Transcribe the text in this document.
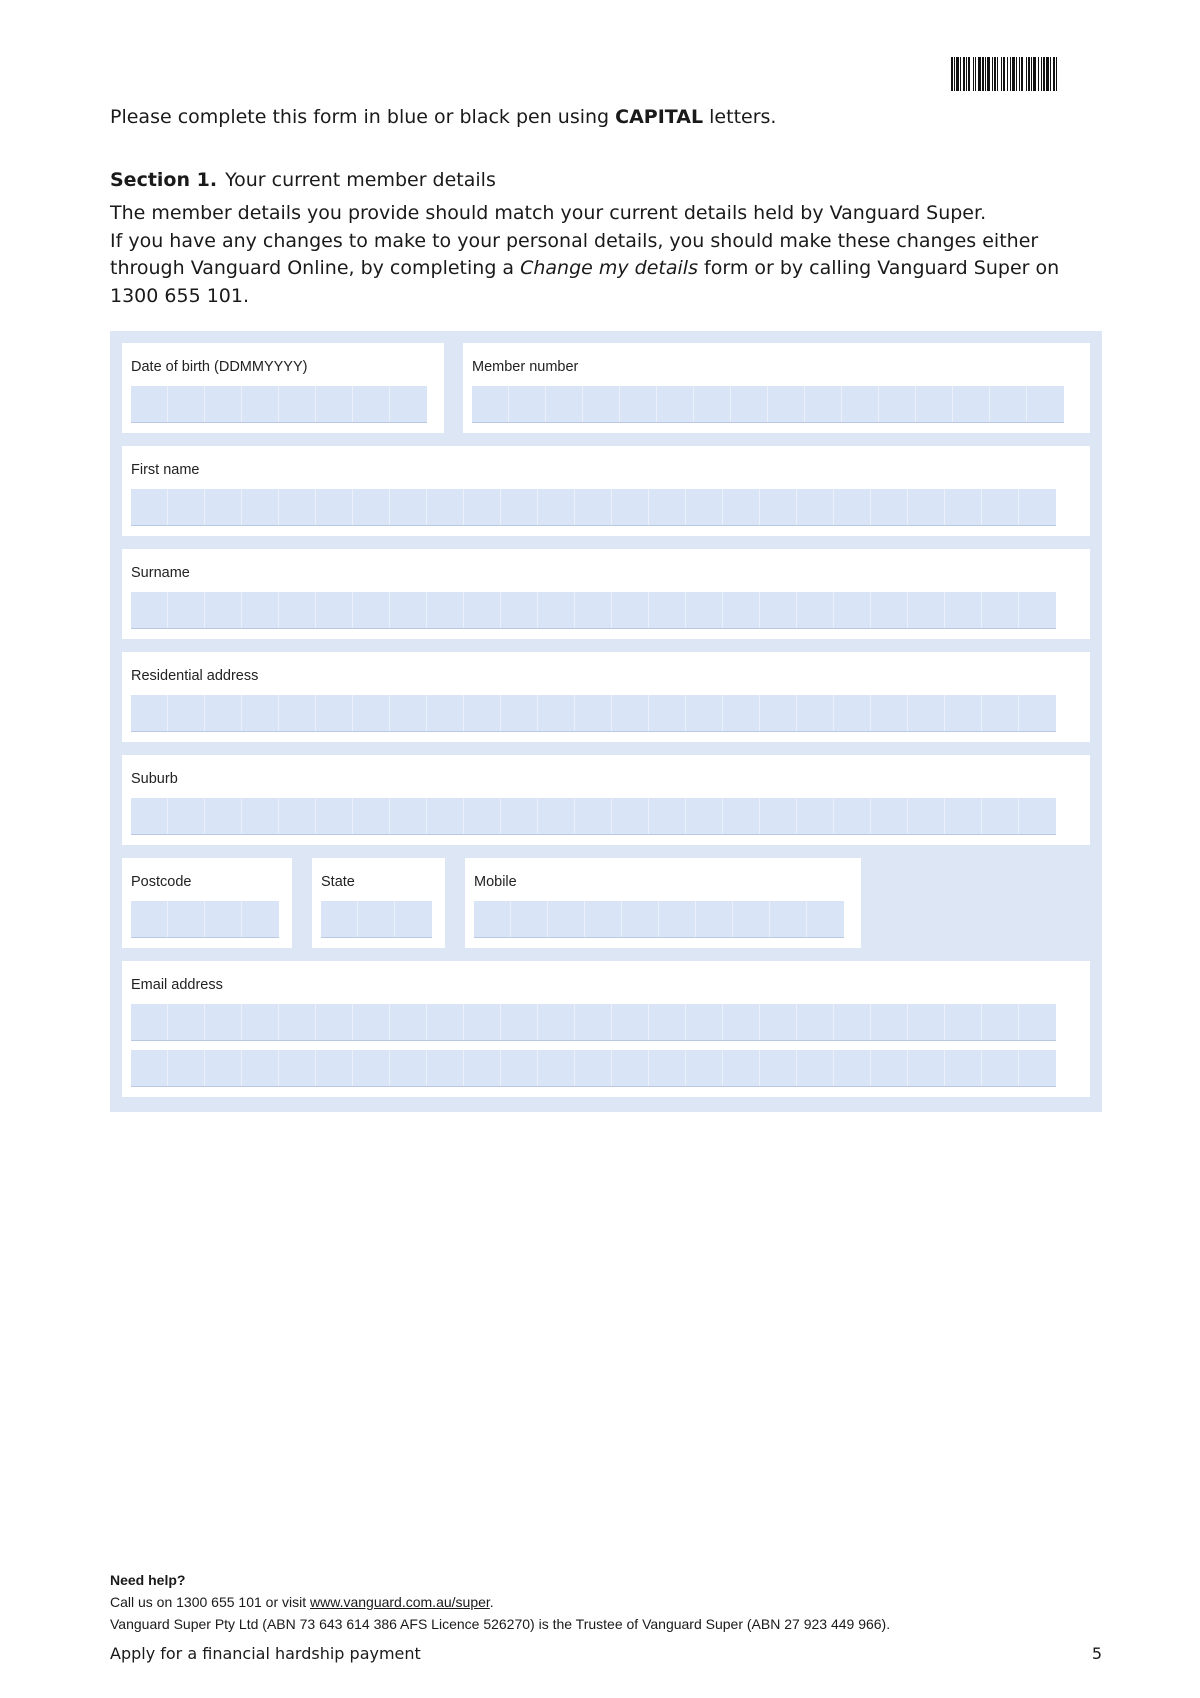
Please complete this form in blue or black pen using CAPITAL letters.
Section 1. Your current member details
The member details you provide should match your current details held by Vanguard Super.
If you have any changes to make to your personal details, you should make these changes either through Vanguard Online, by completing a Change my details form or by calling Vanguard Super on 1300 655 101.
Date of birth (DDMMYYYY)	Member number
First name
Surname
Residential address
Suburb
Postcode	State	Mobile
Email address
Need help?
Call us on 1300 655 101 or visit www.vanguard.com.au/super.
Vanguard Super Pty Ltd (ABN 73 643 614 386 AFS Licence 526270) is the Trustee of Vanguard Super (ABN 27 923 449 966).
Apply for a financial hardship payment	5
